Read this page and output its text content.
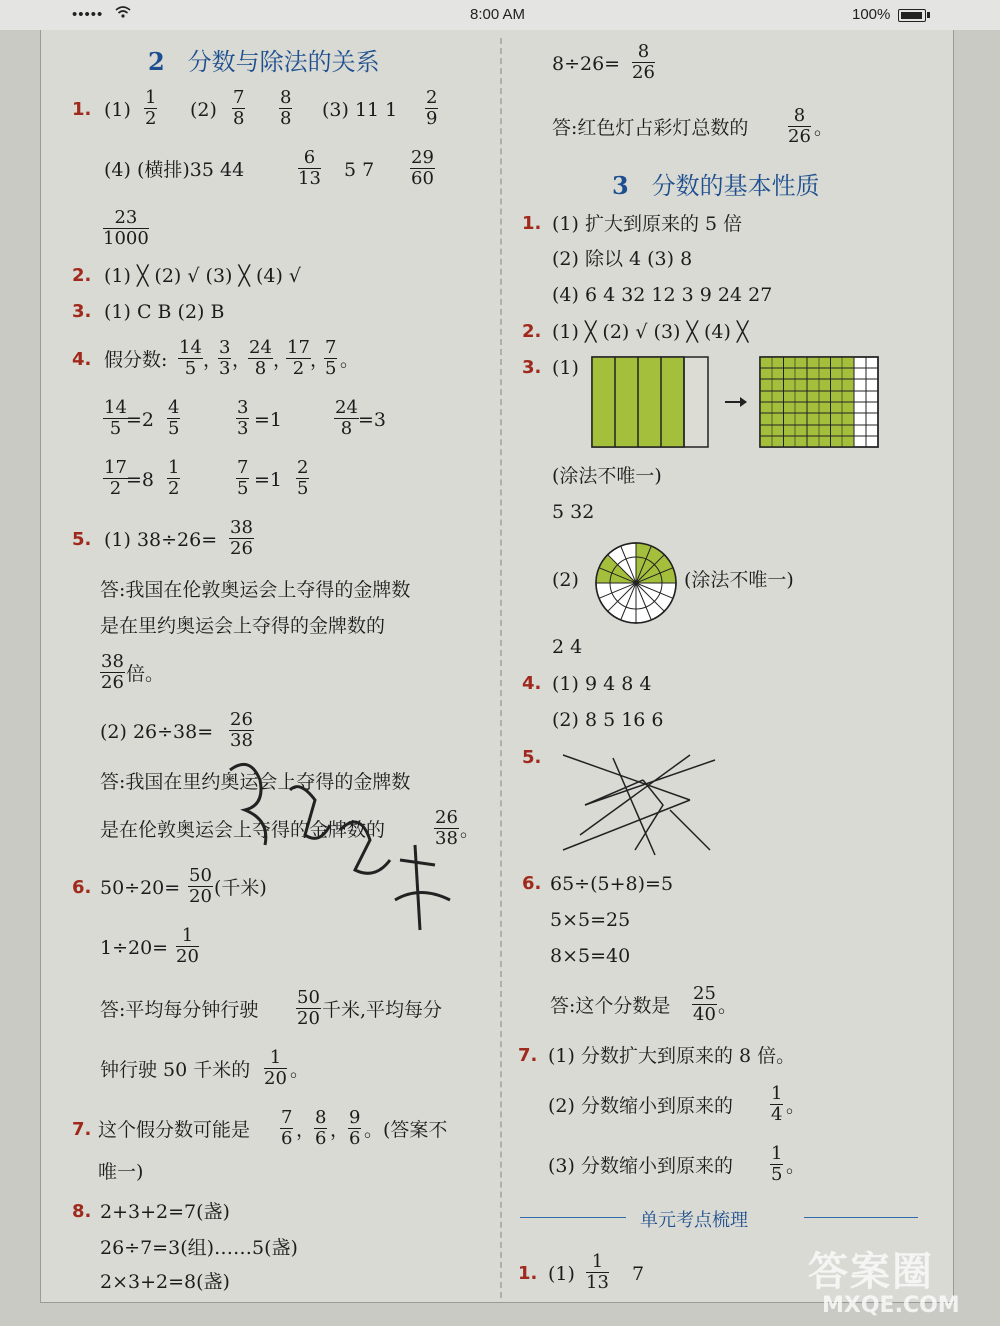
•••••	8:00 AM	100%
2 分数与除法的关系
1. $(1) \frac{1}{2} (2) \frac{7}{8} \frac{8}{8} (3)$ 11 $1 \frac{2}{9}$
(4) (横排)35 44	$\frac{6}{13} 5$ $7 \frac{29}{60}$
$\frac{23}{1000}$
2. (1) ╳ (2) √ (3) ╳ (4) √
3. (1) C B (2) B
4. 假分数: $\frac{14}{5}$ ，
$\frac{3}{3}$ ，
$\frac{24}{8}$ ，
$\frac{17}{2}$ ，
$\frac{7}{5}$ 。
$\frac{14}{5}$
$=2 \frac{4}{5}$	$\frac{3}{3} =1$	$\frac{24}{8} =3$
$\frac{17}{2}$
$=8 \frac{1}{2}$	$\frac{7}{5} =1 \frac{2}{5}$
5. (1) $38\div 26= \frac{38}{26}$
答:我国在伦敦奥运会上夺得的金牌数
是在里约奥运会上夺得的金牌数的
$\frac{38}{26}$ 倍。
(2) $26\div 38= \frac{26}{38}$
答:我国在里约奥运会上夺得的金牌数
是在伦敦奥运会上夺得的金牌数的	$\frac{26}{38}$ 。
6. $50\div 20= \frac{50}{20}$ (千米)
$1\div 20= \frac{1}{20}$
答:平均每分钟行驶 $\frac{50}{20}$ 千米,平均每分
钟行驶 50 千米的 $\frac{1}{20}$ 。
7. 这个假分数可能是 $\frac{7}{6}$ ，
$\frac{8}{6}$ ，
$\frac{9}{6}$ 。(答案不
唯一)
8. 2+3+2=7(盏)
26÷7=3(组)……5(盏)
2×3+2=8(盏)
$8\div 26= \frac{8}{26}$
答:红色灯占彩灯总数的 $\frac{8}{26}$ 。
3 分数的基本性质
1. (1) 扩大到原来的 5 倍
(2) 除以 4 (3) 8
(4) 6 4 32 12 3 9 24 27
2. (1) ╳ (2) √ (3) ╳ (4) ╳
3. (1)
(涂法不唯一)
5 32
(2)	(涂法不唯一)
2 4
4. (1) 9 4 8 4
(2) 8 5 16 6
5.
6. 65÷(5+8)=5
5×5=25
8×5=40
答:这个分数是 $\frac{25}{40}$ 。
7. (1) 分数扩大到原来的 8 倍。
(2) 分数缩小到原来的 $\frac{1}{4}$ 。
(3) 分数缩小到原来的 $\frac{1}{5}$ 。
单元考点梳理
1. $(1) \frac{1}{13} 7$	答案圈
MXQE.COM
